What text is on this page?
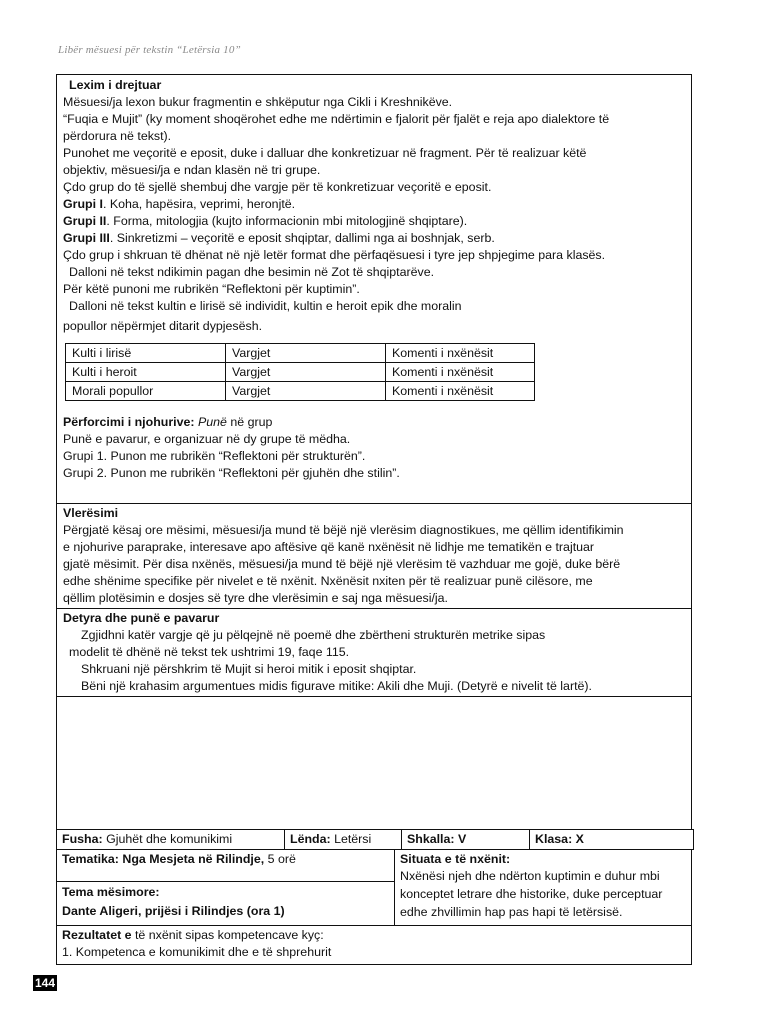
Libër mësuesi për tekstin “Letërsia 10”
Lexim i drejtuar
Mësuesi/ja lexon bukur fragmentin e shkëputur nga Cikli i Kreshnikëve.
“Fuqia e Mujit” (ky moment shoqërohet edhe me ndërtimin e fjalorit për fjalët e reja apo dialektore të
përdorura në tekst).
Punohet me veçoritë e eposit, duke i dalluar dhe konkretizuar në fragment. Për të realizuar këtë
objektiv, mësuesi/ja e ndan klasën në tri grupe.
Çdo grup do të sjellë shembuj dhe vargje për të konkretizuar veçoritë e eposit.
Grupi I. Koha, hapësira, veprimi, heronjtë.
Grupi II. Forma, mitologjia (kujto informacionin mbi mitologjinë shqiptare).
Grupi III. Sinkretizmi – veçoritë e eposit shqiptar, dallimi nga ai boshnjak, serb.
Çdo grup i shkruan të dhënat në një letër format dhe përfaqësuesi i tyre jep shpjegime para klasës.
Dalloni në tekst ndikimin pagan dhe besimin në Zot të shqiptarëve.
Për këtë punoni me rubrikën “Reflektoni për kuptimin”.
Dalloni në tekst kultin e lirisë së individit, kultin e heroit epik dhe moralin
popullor nëpërmjet ditarit dypjesësh.
Kulti i lirisë	Vargjet	Komenti i nxënësit
Kulti i heroit	Vargjet	Komenti i nxënësit
Morali popullor	Vargjet	Komenti i nxënësit
Përforcimi i njohurive: Punë në grup
Punë e pavarur, e organizuar në dy grupe të mëdha.
Grupi 1. Punon me rubrikën “Reflektoni për strukturën”.
Grupi 2. Punon me rubrikën “Reflektoni për gjuhën dhe stilin”.
Vlerësimi
Përgjatë kësaj ore mësimi, mësuesi/ja mund të bëjë një vlerësim diagnostikues, me qëllim identifikimin
e njohurive paraprake, interesave apo aftësive që kanë nxënësit në lidhje me tematikën e trajtuar
gjatë mësimit. Për disa nxënës, mësuesi/ja mund të bëjë një vlerësim të vazhduar me gojë, duke bërë
edhe shënime specifike për nivelet e të nxënit. Nxënësit nxiten për të realizuar punë cilësore, me
qëllim plotësimin e dosjes së tyre dhe vlerësimin e saj nga mësuesi/ja.
Detyra dhe punë e pavarur
Zgjidhni katër vargje që ju pëlqejnë në poemë dhe zbërtheni strukturën metrike sipas
modelit të dhënë në tekst tek ushtrimi 19, faqe 115.
Shkruani një përshkrim të Mujit si heroi mitik i eposit shqiptar.
Bëni një krahasim argumentues midis figurave mitike: Akili dhe Muji. (Detyrë e nivelit të lartë).
Fusha: Gjuhët dhe komunikimi	Lënda: Letërsi	Shkalla: V	Klasa: X
Tematika: Nga Mesjeta në Rilindje, 5 orë
Tema mësimore:
Dante Aligeri, prijësi i Rilindjes (ora 1)
Situata e të nxënit:
Nxënësi njeh dhe ndërton kuptimin e duhur mbi
konceptet letrare dhe historike, duke perceptuar
edhe zhvillimin hap pas hapi të letërsisë.
Rezultatet e të nxënit sipas kompetencave kyç:
1. Kompetenca e komunikimit dhe e të shprehurit
144
